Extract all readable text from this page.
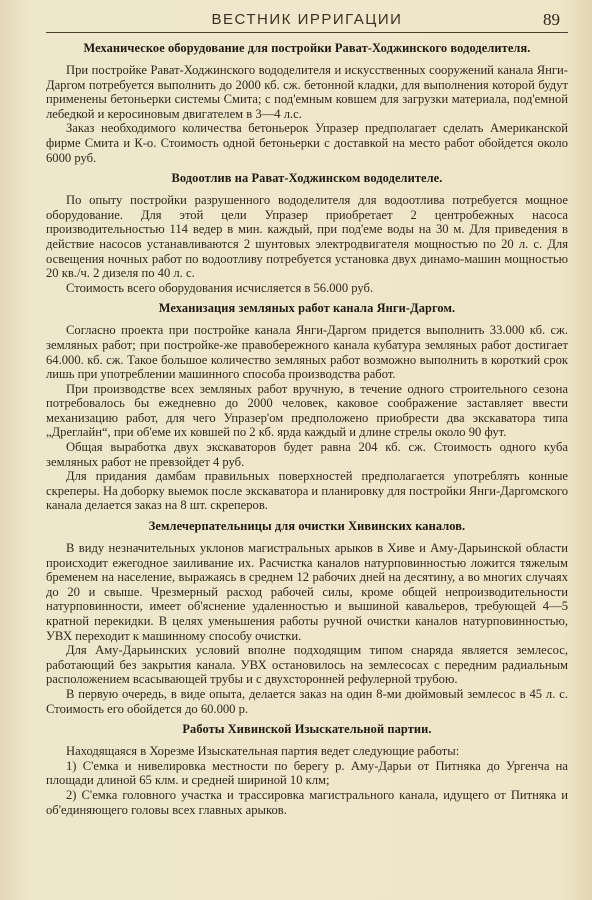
ВЕСТНИК ИРРИГАЦИИ	89
Механическое оборудование для постройки Рават-Ходжинского вододелителя.

При постройке Рават-Ходжинского вододелителя и искусственных сооружений канала Янги-Даргом потребуется выполнить до 2000 кб. сж. бетонной кладки, для выполнения которой будут применены бетоньерки системы Смита; с под'емным ковшем для загрузки материала, под'емной лебедкой и керосиновым двигателем в 3—4 л.с.

Заказ необходимого количества бетоньерок Упразер предполагает сделать Американской фирме Смита и К-о. Стоимость одной бетоньерки с доставкой на место работ обойдется около 6000 руб.

Водоотлив на Рават-Ходжинском вододелителе.

По опыту постройки разрушенного вододелителя для водоотлива потребуется мощное оборудование. Для этой цели Упразер приобретает 2 центробежных насоса производительностью 114 ведер в мин. каждый, при под'еме воды на 30 м. Для приведения в действие насосов устанавливаются 2 шунтовых электродвигателя мощностью по 20 л. с. Для освещения ночных работ по водоотливу потребуется установка двух динамо-машин мощностью 20 кв./ч. 2 дизеля по 40 л. с.

Стоимость всего оборудования исчисляется в 56.000 руб.

Механизация земляных работ канала Янги-Даргом.

Согласно проекта при постройке канала Янги-Даргом придется выполнить 33.000 кб. сж. земляных работ; при постройке-же правобережного канала кубатура земляных работ достигает 64.000. кб. сж. Такое большое количество земляных работ возможно выполнить в короткий срок лишь при употреблении машинного способа производства работ.

При производстве всех земляных работ вручную, в течение одного строительного сезона потребовалось бы ежедневно до 2000 человек, каковое соображение заставляет ввести механизацию работ, для чего Упразер'ом предположено приобрести два экскаватора типа „Дреглайн“, при об'еме их ковшей по 2 кб. ярда каждый и длине стрелы около 90 фут.

Общая выработка двух экскаваторов будет равна 204 кб. сж. Стоимость одного куба земляных работ не превзойдет 4 руб.

Для придания дамбам правильных поверхностей предполагается употреблять конные скреперы. На доборку выемок после экскаватора и планировку для постройки Янги-Даргомского канала делается заказ на 8 шт. скреперов.

Землечерпательницы для очистки Хивинских каналов.

В виду незначительных уклонов магистральных арыков в Хиве и Аму-Дарьинской области происходит ежегодное заиливание их. Расчистка каналов натурповинностью ложится тяжелым бременем на население, выражаясь в среднем 12 рабочих дней на десятину, а во многих случаях до 20 и свыше. Чрезмерный расход рабочей силы, кроме общей непроизводительности натурповинности, имеет об'яснение удаленностью и вышиной кавальеров, требующей 4—5 кратной перекидки. В целях уменьшения работы ручной очистки каналов натурповинностью, УВХ переходит к машинному способу очистки.

Для Аму-Дарьинских условий вполне подходящим типом снаряда является землесос, работающий без закрытия канала. УВХ остановилось на землесосах с передним радиальным расположением всасывающей трубы и с двухсторонней рефулерной трубою.

В первую очередь, в виде опыта, делается заказ на один 8-ми дюймовый землесос в 45 л. с. Стоимость его обойдется до 60.000 р.

Работы Хивинской Изыскательной партии.

Находящаяся в Хорезме Изыскательная партия ведет следующие работы:

1) С'емка и нивелировка местности по берегу р. Аму-Дарьи от Питняка до Ургенча на площади длиной 65 клм. и средней шириной 10 клм;

2) С'емка головного участка и трассировка магистрального канала, идущего от Питняка и об'единяющего головы всех главных арыков.
